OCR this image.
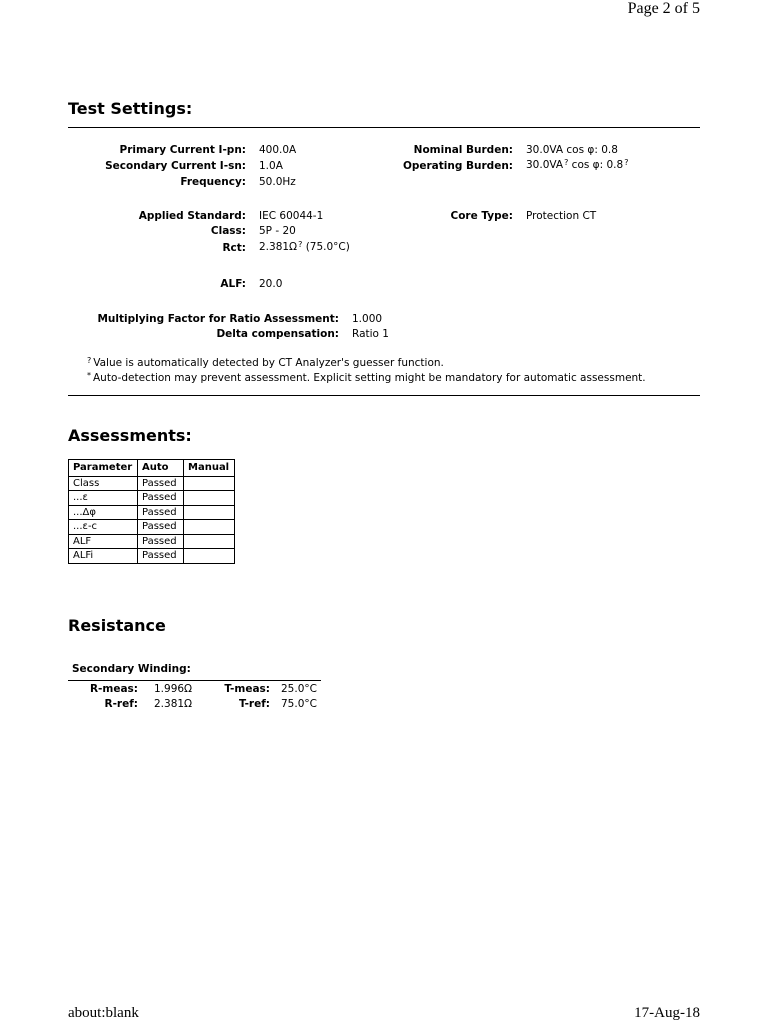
Page 2 of 5
Test Settings:
Primary Current I-pn: 400.0A
Secondary Current I-sn: 1.0A
Frequency: 50.0Hz
Nominal Burden: 30.0VA cos φ: 0.8
Operating Burden: 30.0VA? cos φ: 0.8?
Applied Standard: IEC 60044-1
Class: 5P - 20
Rct: 2.381Ω? (75.0°C)
Core Type: Protection CT
ALF: 20.0
Multiplying Factor for Ratio Assessment: 1.000
Delta compensation: Ratio 1
? Value is automatically detected by CT Analyzer's guesser function.
* Auto-detection may prevent assessment. Explicit setting might be mandatory for automatic assessment.
Assessments:
Parameter	Auto	Manual
Class	Passed	
...ε	Passed	
...Δφ	Passed	
...ε-c	Passed	
ALF	Passed	
ALFi	Passed	
Resistance
Secondary Winding:
R-meas: 1.996Ω	T-meas: 25.0°C
R-ref: 2.381Ω	T-ref: 75.0°C
about:blank	17-Aug-18
